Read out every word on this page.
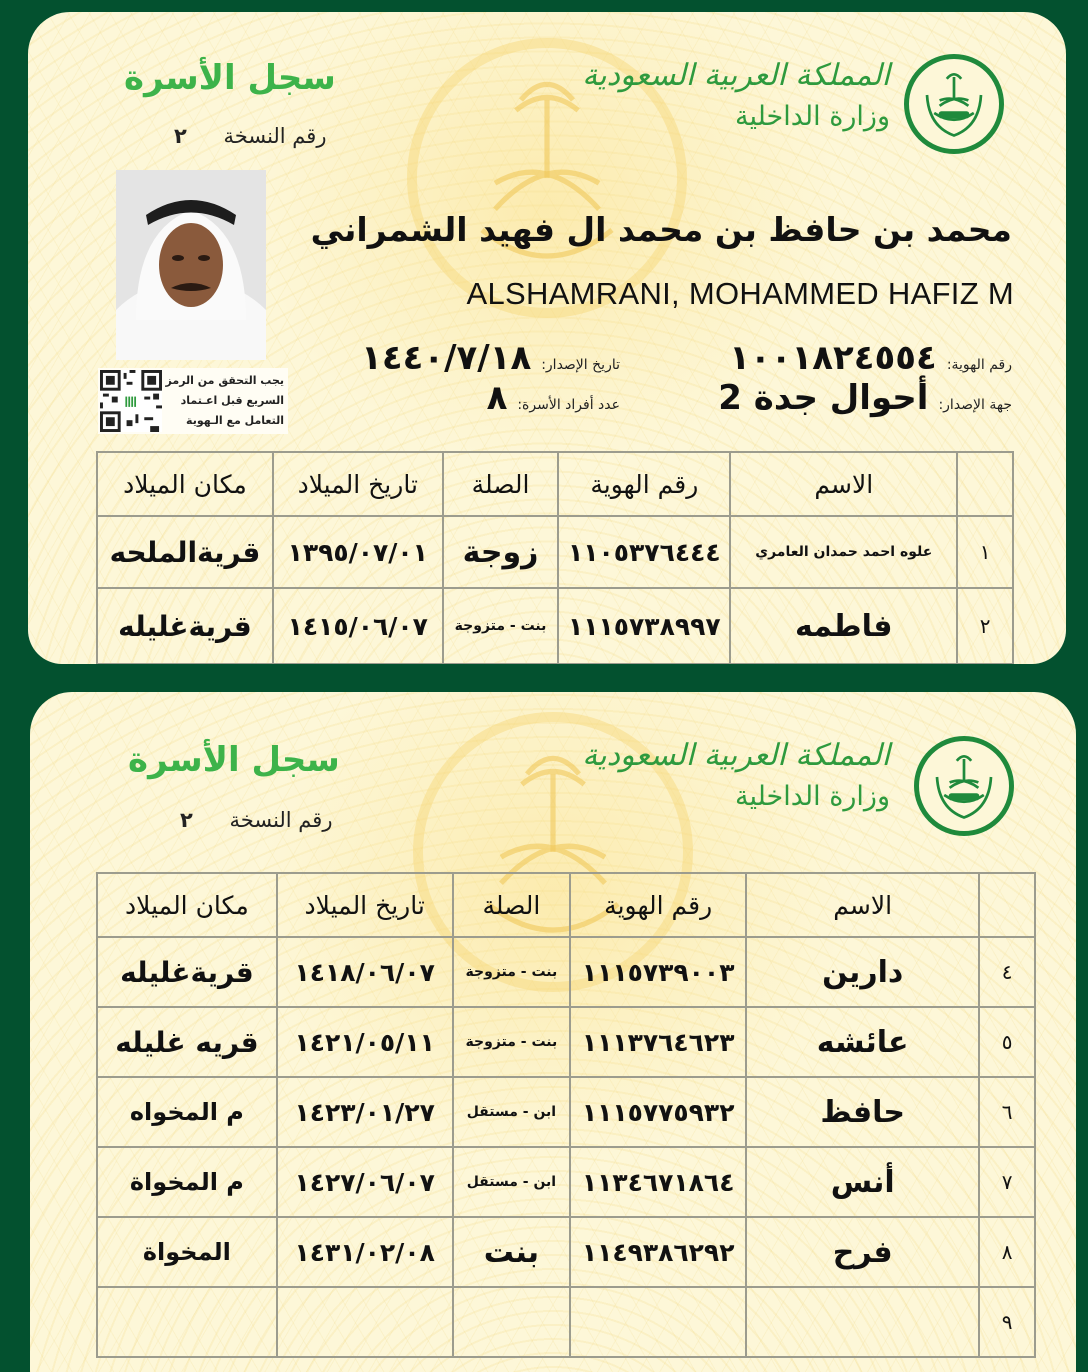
سجل الأسرة
رقم النسخة ٢
المملكة العربية السعودية
وزارة الداخلية
يجب التحقق من الرمز
السريع قبل اعـتماد
التعامل مع الـهوية
محمد بن حافظ بن محمد ال فهيد الشمراني
ALSHAMRANI, MOHAMMED HAFIZ M
رقم الهوية:
١٠٠١٨٢٤٥٥٤
تاريخ الإصدار:
١٤٤٠/٧/١٨
جهة الإصدار:
أحوال جدة 2
عدد أفراد الأسرة:
٨
	الاسم	رقم الهوية	الصلة	تاريخ الميلاد	مكان الميلاد
١	علوه احمد حمدان العامري	١١٠٥٣٧٦٤٤٤	زوجة	١٣٩٥/٠٧/٠١	قريةالملحه
٢	فاطمه	١١١٥٧٣٨٩٩٧	بنت - متزوجة	١٤١٥/٠٦/٠٧	قريةغليله
سجل الأسرة
رقم النسخة ٢
المملكة العربية السعودية
وزارة الداخلية
	الاسم	رقم الهوية	الصلة	تاريخ الميلاد	مكان الميلاد
٤	دارين	١١١٥٧٣٩٠٠٣	بنت - متزوجة	١٤١٨/٠٦/٠٧	قريةغليله
٥	عائشه	١١١٣٧٦٤٦٢٣	بنت - متزوجة	١٤٢١/٠٥/١١	قريه غليله
٦	حافظ	١١١٥٧٧٥٩٣٢	ابن - مستقل	١٤٢٣/٠١/٢٧	م المخواه
٧	أنس	١١٣٤٦٧١٨٦٤	ابن - مستقل	١٤٢٧/٠٦/٠٧	م المخواة
٨	فرح	١١٤٩٣٨٦٢٩٢	بنت	١٤٣١/٠٢/٠٨	المخواة
٩					
